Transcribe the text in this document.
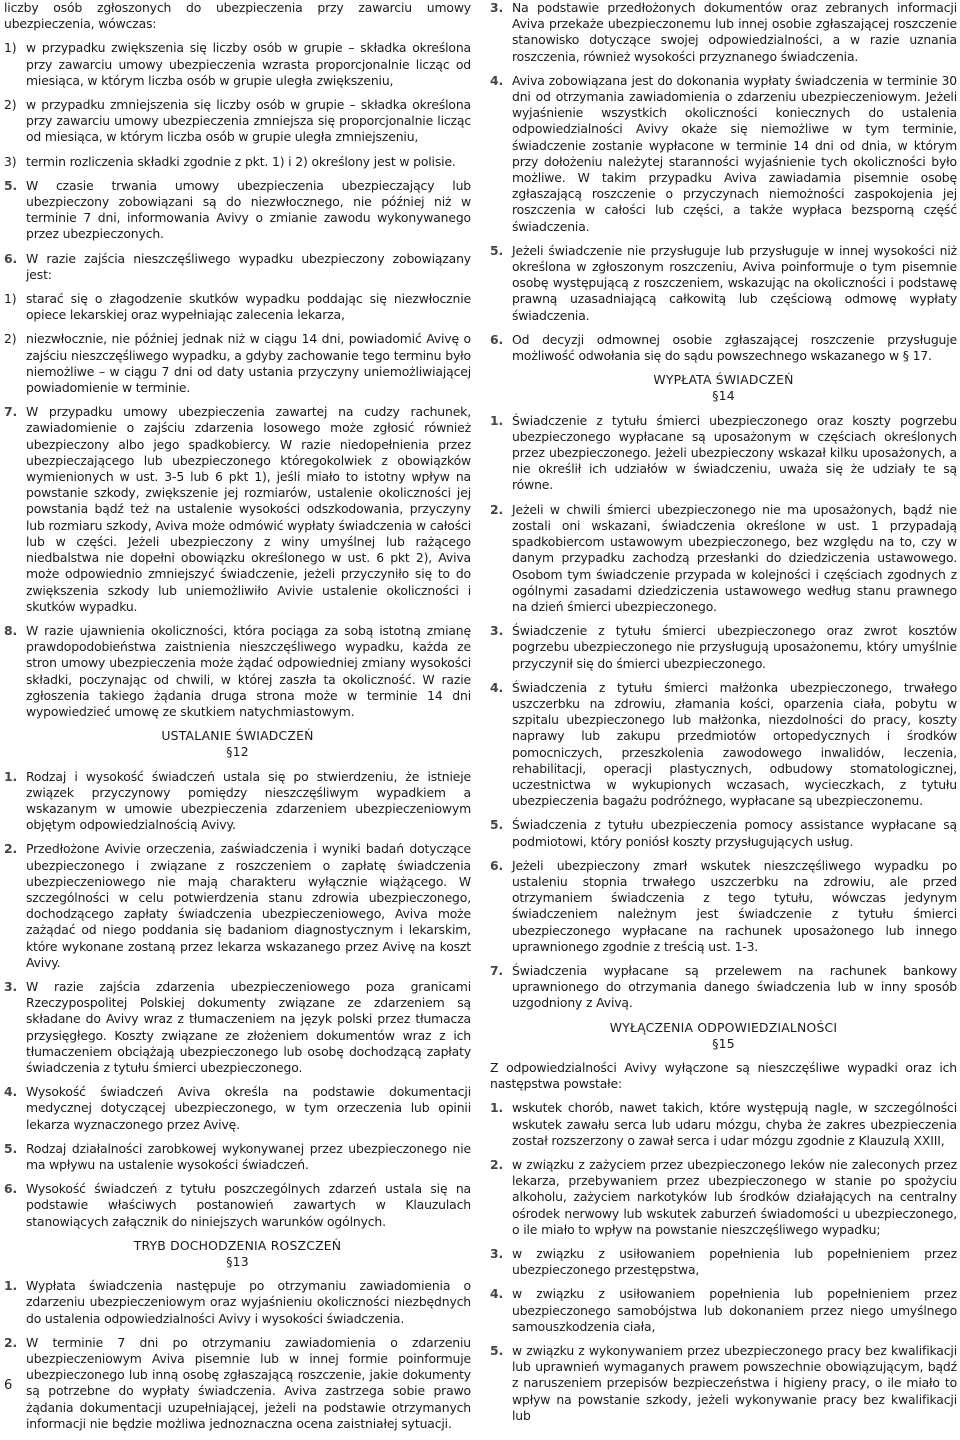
liczby osób zgłoszonych do ubezpieczenia przy zawarciu umowy ubezpieczenia, wówczas:

1) w przypadku zwiększenia się liczby osób w grupie – składka określona przy zawarciu umowy ubezpieczenia wzrasta proporcjonalnie licząc od miesiąca, w którym liczba osób w grupie uległa zwiększeniu,
2) w przypadku zmniejszenia się liczby osób w grupie – składka określona przy zawarciu umowy ubezpieczenia zmniejsza się proporcjonalnie licząc od miesiąca, w którym liczba osób w grupie uległa zmniejszeniu,
3) termin rozliczenia składki zgodnie z pkt. 1) i 2) określony jest w polisie.
5. W czasie trwania umowy ubezpieczenia ubezpieczający lub ubezpieczony zobowiązani są do niezwłocznego, nie później niż w terminie 7 dni, informowania Avivy o zmianie zawodu wykonywanego przez ubezpieczonych.
6. W razie zajścia nieszczęśliwego wypadku ubezpieczony zobowiązany jest:
1) starać się o złagodzenie skutków wypadku poddając się niezwłocznie opiece lekarskiej oraz wypełniając zalecenia lekarza,
2) niezwłocznie, nie później jednak niż w ciągu 14 dni, powiadomić Avivę o zajściu nieszczęśliwego wypadku, a gdyby zachowanie tego terminu było niemożliwe – w ciągu 7 dni od daty ustania przyczyny uniemożliwiającej powiadomienie w terminie.
7. W przypadku umowy ubezpieczenia zawartej na cudzy rachunek, zawiadomienie o zajściu zdarzenia losowego może zgłosić również ubezpieczony albo jego spadkobiercy. W razie niedopełnienia przez ubezpieczającego lub ubezpieczonego któregokolwiek z obowiązków wymienionych w ust. 3-5 lub 6 pkt 1), jeśli miało to istotny wpływ na powstanie szkody, zwiększenie jej rozmiarów, ustalenie okoliczności jej powstania bądź też na ustalenie wysokości odszkodowania, przyczyny lub rozmiaru szkody, Aviva może odmówić wypłaty świadczenia w całości lub w części. Jeżeli ubezpieczony z winy umyślnej lub rażącego niedbalstwa nie dopełni obowiązku określonego w ust. 6 pkt 2), Aviva może odpowiednio zmniejszyć świadczenie, jeżeli przyczyniło się to do zwiększenia szkody lub uniemożliwiło Avivie ustalenie okoliczności i skutków wypadku.
8. W razie ujawnienia okoliczności, która pociąga za sobą istotną zmianę prawdopodobieństwa zaistnienia nieszczęśliwego wypadku, każda ze stron umowy ubezpieczenia może żądać odpowiedniej zmiany wysokości składki, poczynając od chwili, w której zaszła ta okoliczność. W razie zgłoszenia takiego żądania druga strona może w terminie 14 dni wypowiedzieć umowę ze skutkiem natychmiastowym.
USTALANIE ŚWIADCZEŃ
§12
1. Rodzaj i wysokość świadczeń ustala się po stwierdzeniu, że istnieje związek przyczynowy pomiędzy nieszczęśliwym wypadkiem a wskazanym w umowie ubezpieczenia zdarzeniem ubezpieczeniowym objętym odpowiedzialnością Avivy.
2. Przedłożone Avivie orzeczenia, zaświadczenia i wyniki badań dotyczące ubezpieczonego i związane z roszczeniem o zapłatę świadczenia ubezpieczeniowego nie mają charakteru wyłącznie wiążącego. W szczególności w celu potwierdzenia stanu zdrowia ubezpieczonego, dochodzącego zapłaty świadczenia ubezpieczeniowego, Aviva może zażądać od niego poddania się badaniom diagnostycznym i lekarskim, które wykonane zostaną przez lekarza wskazanego przez Avivę na koszt Avivy.
3. W razie zajścia zdarzenia ubezpieczeniowego poza granicami Rzeczypospolitej Polskiej dokumenty związane ze zdarzeniem są składane do Avivy wraz z tłumaczeniem na język polski przez tłumacza przysięgłego. Koszty związane ze złożeniem dokumentów wraz z ich tłumaczeniem obciążają ubezpieczonego lub osobę dochodzącą zapłaty świadczenia z tytułu śmierci ubezpieczonego.
4. Wysokość świadczeń Aviva określa na podstawie dokumentacji medycznej dotyczącej ubezpieczonego, w tym orzeczenia lub opinii lekarza wyznaczonego przez Avivę.
5. Rodzaj działalności zarobkowej wykonywanej przez ubezpieczonego nie ma wpływu na ustalenie wysokości świadczeń.
6. Wysokość świadczeń z tytułu poszczególnych zdarzeń ustala się na podstawie właściwych postanowień zawartych w Klauzulach stanowiących załącznik do niniejszych warunków ogólnych.
TRYB DOCHODZENIA ROSZCZEŃ
§13
1. Wypłata świadczenia następuje po otrzymaniu zawiadomienia o zdarzeniu ubezpieczeniowym oraz wyjaśnieniu okoliczności niezbędnych do ustalenia odpowiedzialności Avivy i wysokości świadczenia.
2. W terminie 7 dni po otrzymaniu zawiadomienia o zdarzeniu ubezpieczeniowym Aviva pisemnie lub w innej formie poinformuje ubezpieczonego lub inną osobę zgłaszającą roszczenie, jakie dokumenty są potrzebne do wypłaty świadczenia. Aviva zastrzega sobie prawo żądania dokumentacji uzupełniającej, jeżeli na podstawie otrzymanych informacji nie będzie możliwa jednoznaczna ocena zaistniałej sytuacji.
3. Na podstawie przedłożonych dokumentów oraz zebranych informacji Aviva przekaże ubezpieczonemu lub innej osobie zgłaszającej roszczenie stanowisko dotyczące swojej odpowiedzialności, a w razie uznania roszczenia, również wysokości przyznanego świadczenia.
4. Aviva zobowiązana jest do dokonania wypłaty świadczenia w terminie 30 dni od otrzymania zawiadomienia o zdarzeniu ubezpieczeniowym. Jeżeli wyjaśnienie wszystkich okoliczności koniecznych do ustalenia odpowiedzialności Avivy okaże się niemożliwe w tym terminie, świadczenie zostanie wypłacone w terminie 14 dni od dnia, w którym przy dołożeniu należytej staranności wyjaśnienie tych okoliczności było możliwe. W takim przypadku Aviva zawiadamia pisemnie osobę zgłaszającą roszczenie o przyczynach niemożności zaspokojenia jej roszczenia w całości lub części, a także wypłaca bezsporną część świadczenia.
5. Jeżeli świadczenie nie przysługuje lub przysługuje w innej wysokości niż określona w zgłoszonym roszczeniu, Aviva poinformuje o tym pisemnie osobę występującą z roszczeniem, wskazując na okoliczności i podstawę prawną uzasadniającą całkowitą lub częściową odmowę wypłaty świadczenia.
6. Od decyzji odmownej osobie zgłaszającej roszczenie przysługuje możliwość odwołania się do sądu powszechnego wskazanego w § 17.
WYPŁATA ŚWIADCZEŃ
§14
1. Świadczenie z tytułu śmierci ubezpieczonego oraz koszty pogrzebu ubezpieczonego wypłacane są uposażonym w częściach określonych przez ubezpieczonego. Jeżeli ubezpieczony wskazał kilku uposażonych, a nie określił ich udziałów w świadczeniu, uważa się że udziały te są równe.
2. Jeżeli w chwili śmierci ubezpieczonego nie ma uposażonych, bądź nie zostali oni wskazani, świadczenia określone w ust. 1 przypadają spadkobiercom ustawowym ubezpieczonego, bez względu na to, czy w danym przypadku zachodzą przesłanki do dziedziczenia ustawowego. Osobom tym świadczenie przypada w kolejności i częściach zgodnych z ogólnymi zasadami dziedziczenia ustawowego według stanu prawnego na dzień śmierci ubezpieczonego.
3. Świadczenie z tytułu śmierci ubezpieczonego oraz zwrot kosztów pogrzebu ubezpieczonego nie przysługują uposażonemu, który umyślnie przyczynił się do śmierci ubezpieczonego.
4. Świadczenia z tytułu śmierci małżonka ubezpieczonego, trwałego uszczerbku na zdrowiu, złamania kości, oparzenia ciała, pobytu w szpitalu ubezpieczonego lub małżonka, niezdolności do pracy, koszty naprawy lub zakupu przedmiotów ortopedycznych i środków pomocniczych, przeszkolenia zawodowego inwalidów, leczenia, rehabilitacji, operacji plastycznych, odbudowy stomatologicznej, uczestnictwa w wykupionych wczasach, wycieczkach, z tytułu ubezpieczenia bagażu podróżnego, wypłacane są ubezpieczonemu.
5. Świadczenia z tytułu ubezpieczenia pomocy assistance wypłacane są podmiotowi, który poniósł koszty przysługujących usług.
6. Jeżeli ubezpieczony zmarł wskutek nieszczęśliwego wypadku po ustaleniu stopnia trwałego uszczerbku na zdrowiu, ale przed otrzymaniem świadczenia z tego tytułu, wówczas jedynym świadczeniem należnym jest świadczenie z tytułu śmierci ubezpieczonego wypłacane na rachunek uposażonego lub innego uprawnionego zgodnie z treścią ust. 1-3.
7. Świadczenia wypłacane są przelewem na rachunek bankowy uprawnionego do otrzymania danego świadczenia lub w inny sposób uzgodniony z Avivą.
WYŁĄCZENIA ODPOWIEDZIALNOŚCI
§15

Z odpowiedzialności Avivy wyłączone są nieszczęśliwe wypadki oraz ich następstwa powstałe:

1. wskutek chorób, nawet takich, które występują nagle, w szczególności wskutek zawału serca lub udaru mózgu, chyba że zakres ubezpieczenia został rozszerzony o zawał serca i udar mózgu zgodnie z Klauzulą XXIII,
2. w związku z zażyciem przez ubezpieczonego leków nie zaleconych przez lekarza, przebywaniem przez ubezpieczonego w stanie po spożyciu alkoholu, zażyciem narkotyków lub środków działających na centralny ośrodek nerwowy lub wskutek zaburzeń świadomości u ubezpieczonego, o ile miało to wpływ na powstanie nieszczęśliwego wypadku;
3. w związku z usiłowaniem popełnienia lub popełnieniem przez ubezpieczonego przestępstwa,
4. w związku z usiłowaniem popełnienia lub popełnieniem przez ubezpieczonego samobójstwa lub dokonaniem przez niego umyślnego samouszkodzenia ciała,
5. w związku z wykonywaniem przez ubezpieczonego pracy bez kwalifikacji lub uprawnień wymaganych prawem powszechnie obowiązującym, bądź z naruszeniem przepisów bezpieczeństwa i higieny pracy, o ile miało to wpływ na powstanie szkody, jeżeli wykonywanie pracy bez kwalifikacji lub
6
